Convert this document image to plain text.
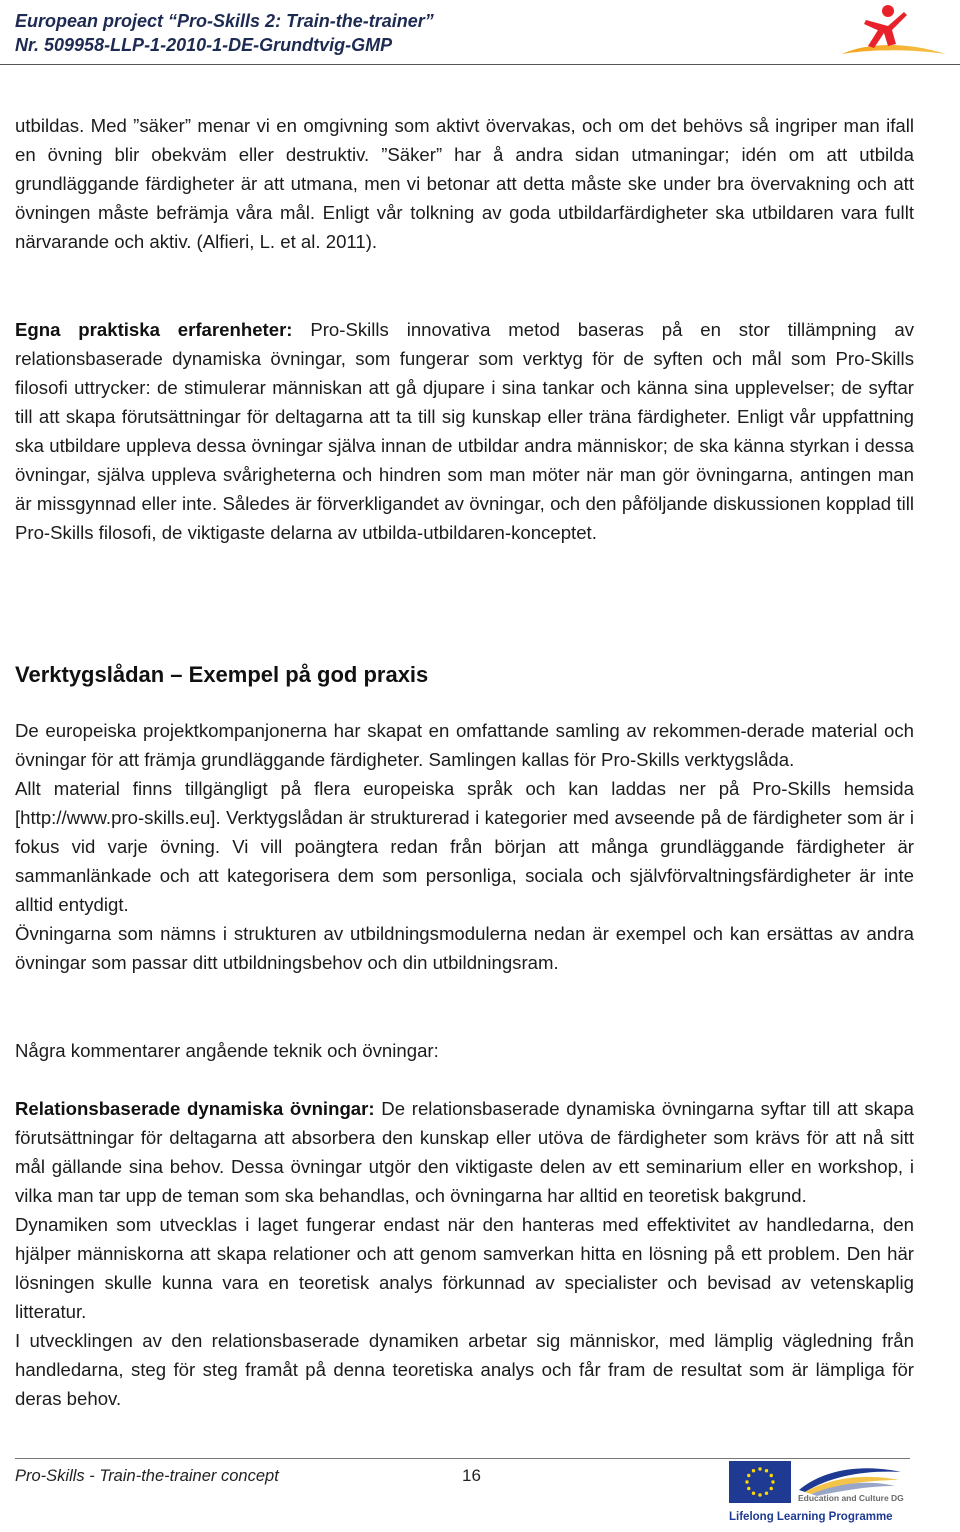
European project “Pro-Skills 2: Train-the-trainer”
Nr. 509958-LLP-1-2010-1-DE-Grundtvig-GMP

utbildas. Med ”säker” menar vi en omgivning som aktivt övervakas, och om det behövs så ingriper man ifall en övning blir obekväm eller destruktiv. ”Säker” har å andra sidan utmaningar; idén om att utbilda grundläggande färdigheter är att utmana, men vi betonar att detta måste ske under bra övervakning och att övningen måste befrämja våra mål. Enligt vår tolkning av goda utbildarfärdigheter ska utbildaren vara fullt närvarande och aktiv. (Alfieri, L. et al. 2011).

Egna praktiska erfarenheter: Pro-Skills innovativa metod baseras på en stor tillämpning av relationsbaserade dynamiska övningar, som fungerar som verktyg för de syften och mål som Pro-Skills filosofi uttrycker: de stimulerar människan att gå djupare i sina tankar och känna sina upplevelser; de syftar till att skapa förutsättningar för deltagarna att ta till sig kunskap eller träna färdigheter. Enligt vår uppfattning ska utbildare uppleva dessa övningar själva innan de utbildar andra människor; de ska känna styrkan i dessa övningar, själva uppleva svårigheterna och hindren som man möter när man gör övningarna, antingen man är missgynnad eller inte. Således är förverkligandet av övningar, och den påföljande diskussionen kopplad till Pro-Skills filosofi, de viktigaste delarna av utbilda-utbildaren-konceptet.

Verktygslådan – Exempel på god praxis

De europeiska projektkompanjonerna har skapat en omfattande samling av rekommen-derade material och övningar för att främja grundläggande färdigheter. Samlingen kallas för Pro-Skills verktygslåda.

Allt material finns tillgängligt på flera europeiska språk och kan laddas ner på Pro-Skills hemsida [http://www.pro-skills.eu]. Verktygslådan är strukturerad i kategorier med avseende på de färdigheter som är i fokus vid varje övning. Vi vill poängtera redan från början att många grundläggande färdigheter är sammanlänkade och att kategorisera dem som personliga, sociala och självförvaltningsfärdigheter är inte alltid entydigt.

Övningarna som nämns i strukturen av utbildningsmodulerna nedan är exempel och kan ersättas av andra övningar som passar ditt utbildningsbehov och din utbildningsram.

Några kommentarer angående teknik och övningar:

Relationsbaserade dynamiska övningar: De relationsbaserade dynamiska övningarna syftar till att skapa förutsättningar för deltagarna att absorbera den kunskap eller utöva de färdigheter som krävs för att nå sitt mål gällande sina behov. Dessa övningar utgör den viktigaste delen av ett seminarium eller en workshop, i vilka man tar upp de teman som ska behandlas, och övningarna har alltid en teoretisk bakgrund.

Dynamiken som utvecklas i laget fungerar endast när den hanteras med effektivitet av handledarna, den hjälper människorna att skapa relationer och att genom samverkan hitta en lösning på ett problem. Den här lösningen skulle kunna vara en teoretisk analys förkunnad av specialister och bevisad av vetenskaplig litteratur.

I utvecklingen av den relationsbaserade dynamiken arbetar sig människor, med lämplig vägledning från handledarna, steg för steg framåt på denna teoretiska analys och får fram de resultat som är lämpliga för deras behov.

Pro-Skills - Train-the-trainer concept	16
Education and Culture DG
Lifelong Learning Programme
